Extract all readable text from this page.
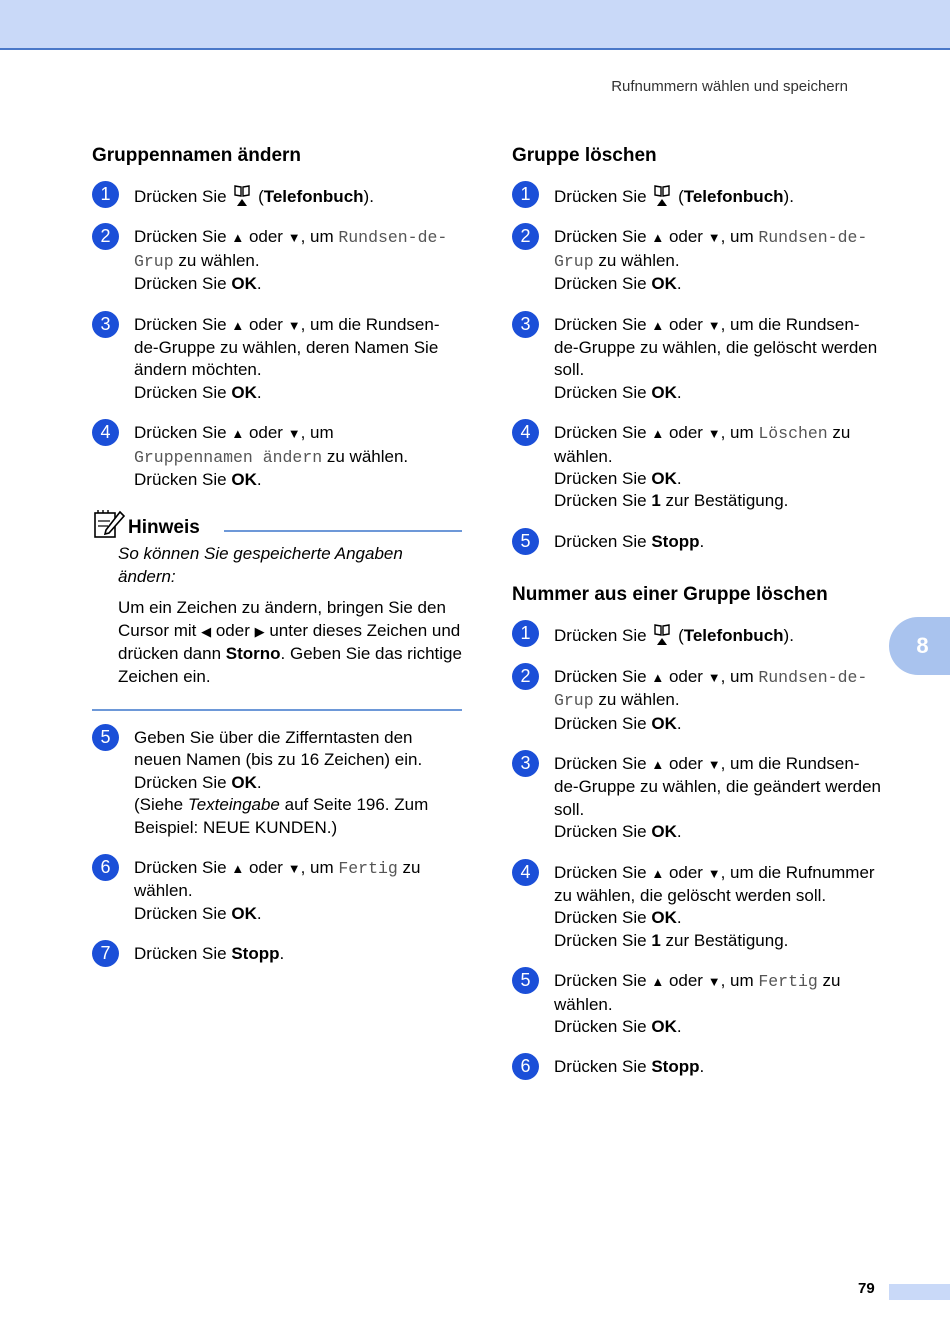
Rufnummern wählen und speichern
8
Gruppennamen ändern
1	Drücken Sie  (Telefonbuch).
2	Drücken Sie ▲ oder ▼, um Rundsen-de-Grup zu wählen.
Drücken Sie OK.
3	Drücken Sie ▲ oder ▼, um die Rundsen-de-Gruppe zu wählen, deren Namen Sie ändern möchten.
Drücken Sie OK.
4	Drücken Sie ▲ oder ▼, um
Gruppennamen ändern zu wählen.
Drücken Sie OK.
Hinweis

So können Sie gespeicherte Angaben ändern:

Um ein Zeichen zu ändern, bringen Sie den Cursor mit ◀ oder ▶ unter dieses Zeichen und drücken dann Storno. Geben Sie das richtige Zeichen ein.

5	Geben Sie über die Zifferntasten den neuen Namen (bis zu 16 Zeichen) ein.
Drücken Sie OK.
(Siehe Texteingabe auf Seite 196. Zum Beispiel: NEUE KUNDEN.)
6	Drücken Sie ▲ oder ▼, um Fertig zu wählen.
Drücken Sie OK.
7	Drücken Sie Stopp.
Gruppe löschen
1	Drücken Sie  (Telefonbuch).
2	Drücken Sie ▲ oder ▼, um Rundsen-de-Grup zu wählen.
Drücken Sie OK.
3	Drücken Sie ▲ oder ▼, um die Rundsen-de-Gruppe zu wählen, die gelöscht werden soll.
Drücken Sie OK.
4	Drücken Sie ▲ oder ▼, um Löschen zu wählen.
Drücken Sie OK.
Drücken Sie 1 zur Bestätigung.
5	Drücken Sie Stopp.
Nummer aus einer Gruppe löschen
1	Drücken Sie  (Telefonbuch).
2	Drücken Sie ▲ oder ▼, um Rundsen-de-Grup zu wählen.
Drücken Sie OK.
3	Drücken Sie ▲ oder ▼, um die Rundsen-de-Gruppe zu wählen, die geändert werden soll.
Drücken Sie OK.
4	Drücken Sie ▲ oder ▼, um die Rufnummer zu wählen, die gelöscht werden soll.
Drücken Sie OK.
Drücken Sie 1 zur Bestätigung.
5	Drücken Sie ▲ oder ▼, um Fertig zu wählen.
Drücken Sie OK.
6	Drücken Sie Stopp.
79
